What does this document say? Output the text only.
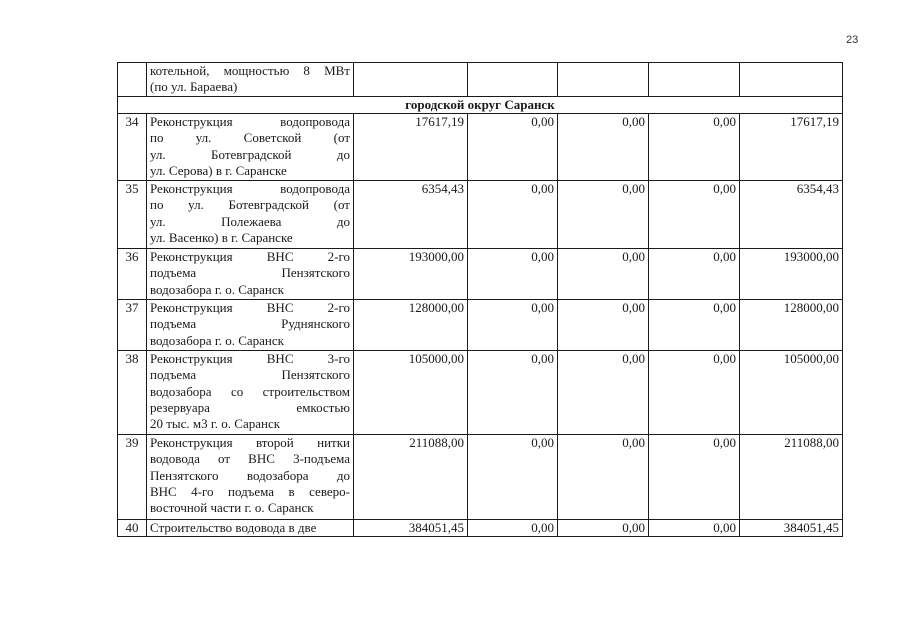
23

	котельной, мощностью 8 МВт
(по ул. Бараева)					

городской округ Саранск						
34	Реконструкция водопровода
по ул. Советской (от
ул. Ботевградской до
ул. Серова) в г. Саранске	17617,19	0,00	0,00	0,00	17617,19
35	Реконструкция водопровода
по ул. Ботевградской (от
ул. Полежаева до
ул. Васенко) в г. Саранске	6354,43	0,00	0,00	0,00	6354,43
36	Реконструкция ВНС 2-го
подъема Пензятского
водозабора г. о. Саранск	193000,00	0,00	0,00	0,00	193000,00
37	Реконструкция ВНС 2-го
подъема Руднянского
водозабора г. о. Саранск	128000,00	0,00	0,00	0,00	128000,00
38	Реконструкция ВНС 3-го
подъема Пензятского
водозабора со строительством
резервуара емкостью
20 тыс. м3 г. о. Саранск	105000,00	0,00	0,00	0,00	105000,00
39	Реконструкция второй нитки
водовода от ВНС 3-подъема
Пензятского водозабора до
ВНС 4-го подъема в северо-
восточной части г. о. Саранск	211088,00	0,00	0,00	0,00	211088,00
40	Строительство водовода в две	384051,45	0,00	0,00	0,00	384051,45
